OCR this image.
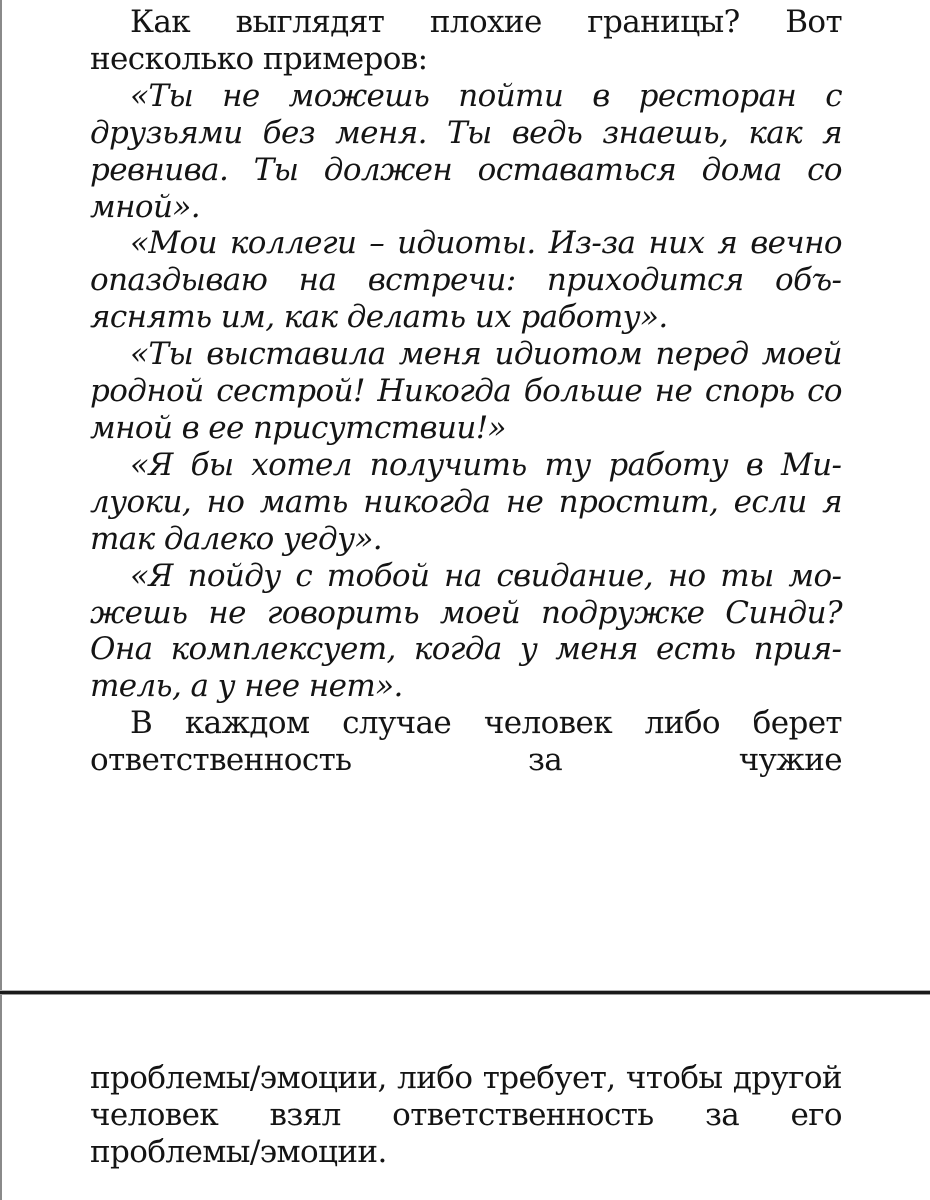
Как выглядят плохие границы? Вот несколько примеров:

«Ты не можешь пойти в ресторан с друзьями без меня. Ты ведь знаешь, как я ревнива. Ты должен оставаться дома со мной».

«Мои коллеги – идиоты. Из-за них я вечно опаздываю на встречи: приходится объяснять им, как делать их работу».

«Ты выставила меня идиотом перед моей родной сестрой! Никогда больше не спорь со мной в ее присутствии!»

«Я бы хотел получить ту работу в Милуоки, но мать никогда не простит, если я так далеко уеду».

«Я пойду с тобой на свидание, но ты можешь не говорить моей подружке Синди? Она комплексует, когда у меня есть приятель, а у нее нет».

В каждом случае человек либо берет ответственность за чужие

проблемы/эмоции, либо требует, чтобы другой человек взял ответственность за его проблемы/эмоции.
